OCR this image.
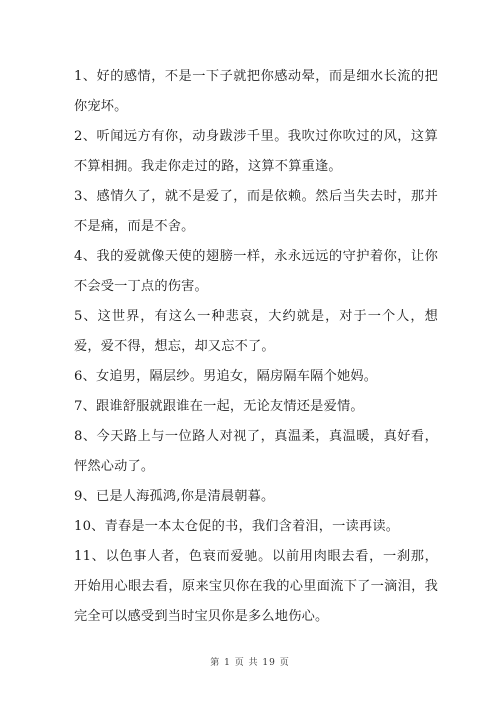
1、好的感情，不是一下子就把你感动晕，而是细水长流的把你宠坏。

2、听闻远方有你，动身跋涉千里。我吹过你吹过的风，这算不算相拥。我走你走过的路，这算不算重逢。

3、感情久了，就不是爱了，而是依赖。然后当失去时，那并不是痛，而是不舍。

4、我的爱就像天使的翅膀一样，永永远远的守护着你，让你不会受一丁点的伤害。

5、这世界，有这么一种悲哀，大约就是，对于一个人，想爱，爱不得，想忘，却又忘不了。

6、女追男，隔层纱。男追女，隔房隔车隔个她妈。

7、跟谁舒服就跟谁在一起，无论友情还是爱情。

8、今天路上与一位路人对视了，真温柔，真温暖，真好看，怦然心动了。

9、已是人海孤鸿,你是清晨朝暮。

10、青春是一本太仓促的书，我们含着泪，一读再读。

11、以色事人者，色衰而爱驰。以前用肉眼去看，一刹那，开始用心眼去看，原来宝贝你在我的心里面流下了一滴泪，我完全可以感受到当时宝贝你是多么地伤心。

第 1 页 共 19 页
